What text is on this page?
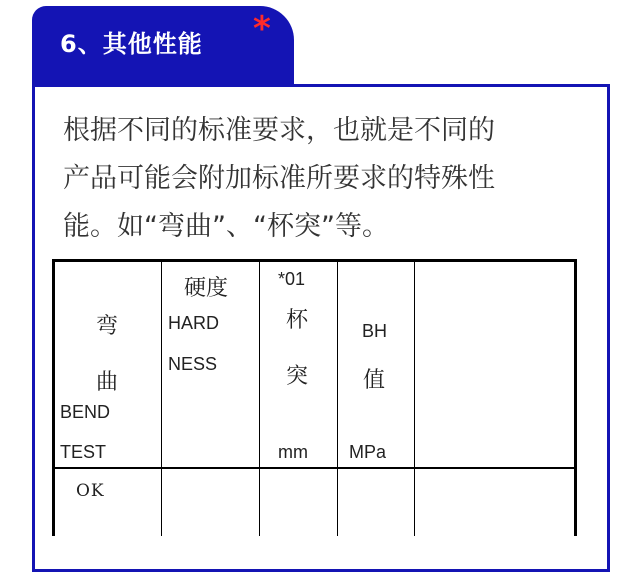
6、其他性能 *
根据不同的标准要求，也就是不同的
产品可能会附加标准所要求的特殊性
能。如“弯曲”、“杯突”等。
弯
曲
BEND
TEST
硬度
HARD
NESS
*01
杯
突
mm
BH
值
MPa
OK
